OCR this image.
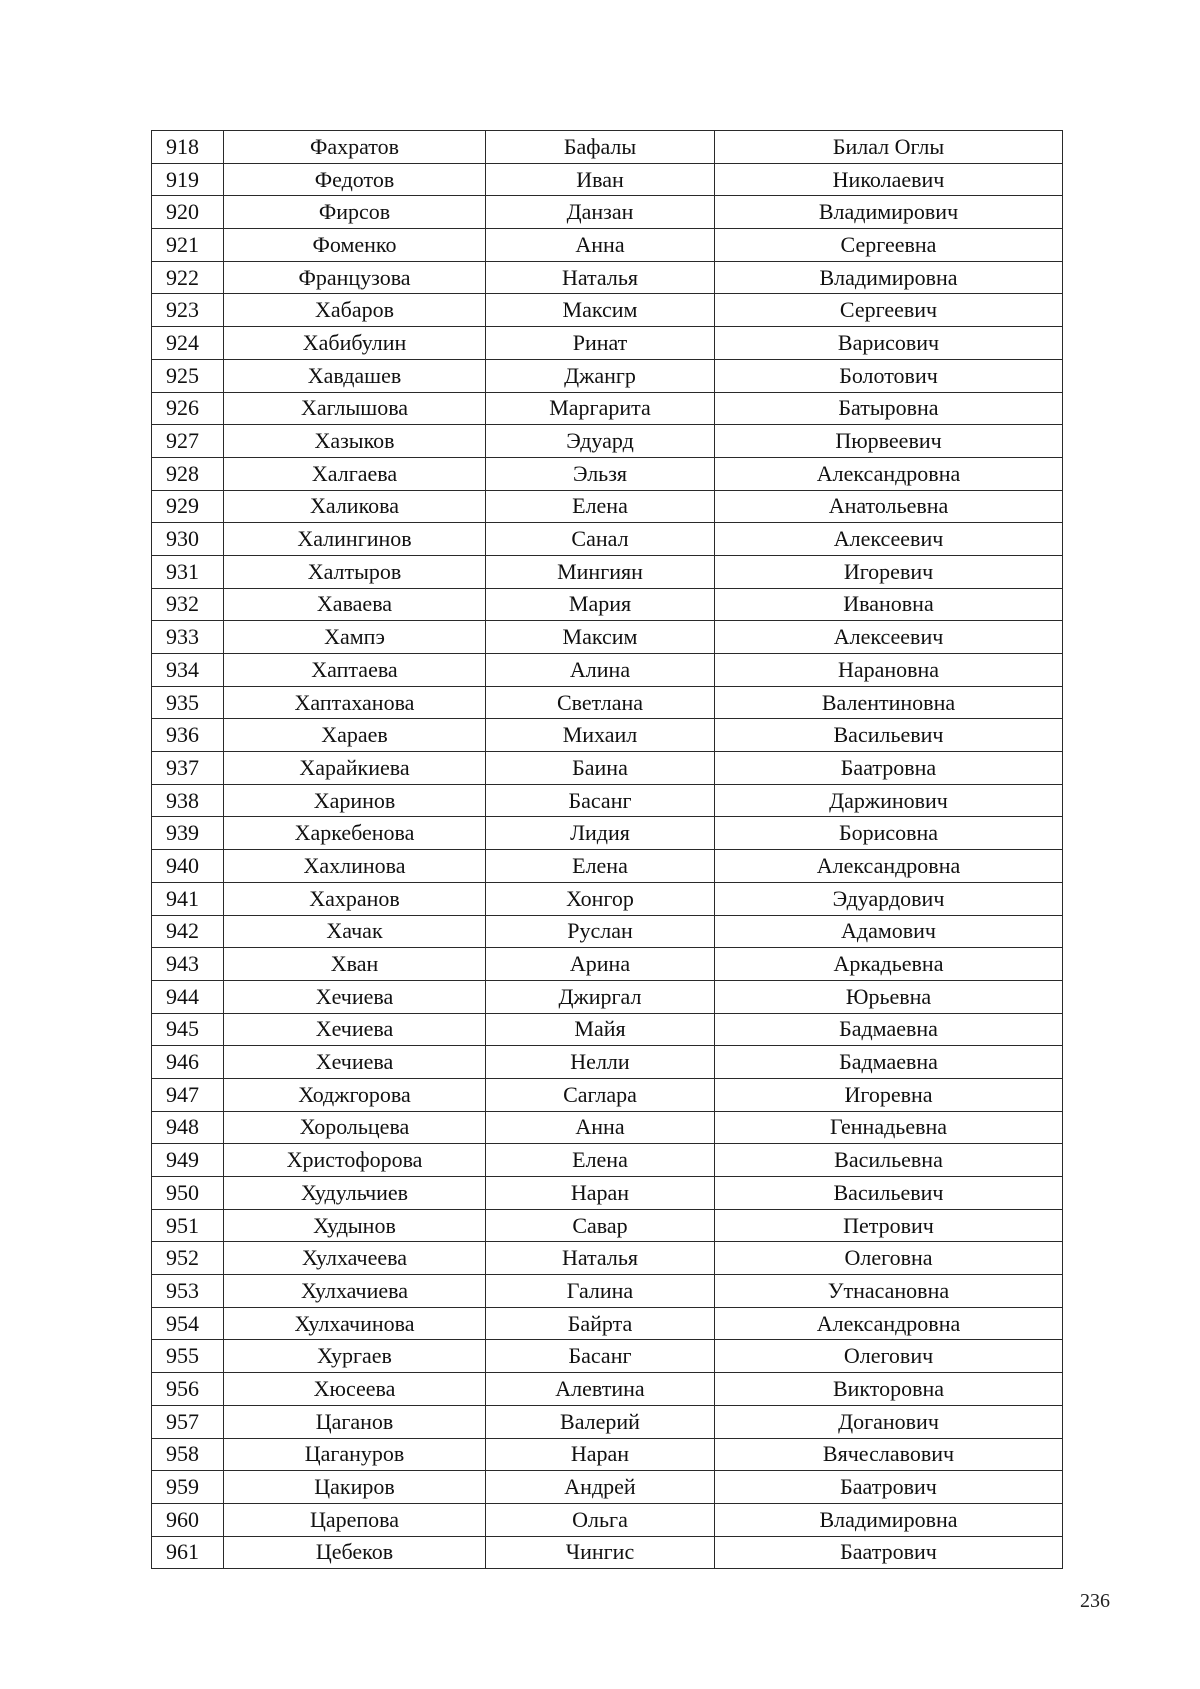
918	Фахратов	Бафалы	Билал Оглы
919	Федотов	Иван	Николаевич
920	Фирсов	Данзан	Владимирович
921	Фоменко	Анна	Сергеевна
922	Французова	Наталья	Владимировна
923	Хабаров	Максим	Сергеевич
924	Хабибулин	Ринат	Варисович
925	Хавдашев	Джангр	Болотович
926	Хаглышова	Маргарита	Батыровна
927	Хазыков	Эдуард	Пюрвеевич
928	Халгаева	Эльзя	Александровна
929	Халикова	Елена	Анатольевна
930	Халингинов	Санал	Алексеевич
931	Халтыров	Мингиян	Игоревич
932	Хаваева	Мария	Ивановна
933	Хампэ	Максим	Алексеевич
934	Хаптаева	Алина	Нарановна
935	Хаптаханова	Светлана	Валентиновна
936	Хараев	Михаил	Васильевич
937	Харайкиева	Баина	Баатровна
938	Харинов	Басанг	Даржинович
939	Харкебенова	Лидия	Борисовна
940	Хахлинова	Елена	Александровна
941	Хахранов	Хонгор	Эдуардович
942	Хачак	Руслан	Адамович
943	Хван	Арина	Аркадьевна
944	Хечиева	Джиргал	Юрьевна
945	Хечиева	Майя	Бадмаевна
946	Хечиева	Нелли	Бадмаевна
947	Ходжгорова	Саглара	Игоревна
948	Хорольцева	Анна	Геннадьевна
949	Христофорова	Елена	Васильевна
950	Худульчиев	Наран	Васильевич
951	Худынов	Савар	Петрович
952	Хулхачеева	Наталья	Олеговна
953	Хулхачиева	Галина	Утнасановна
954	Хулхачинова	Байрта	Александровна
955	Хургаев	Басанг	Олегович
956	Хюсеева	Алевтина	Викторовна
957	Цаганов	Валерий	Доганович
958	Цагануров	Наран	Вячеславович
959	Цакиров	Андрей	Баатрович
960	Царепова	Ольга	Владимировна
961	Цебеков	Чингис	Баатрович
236
